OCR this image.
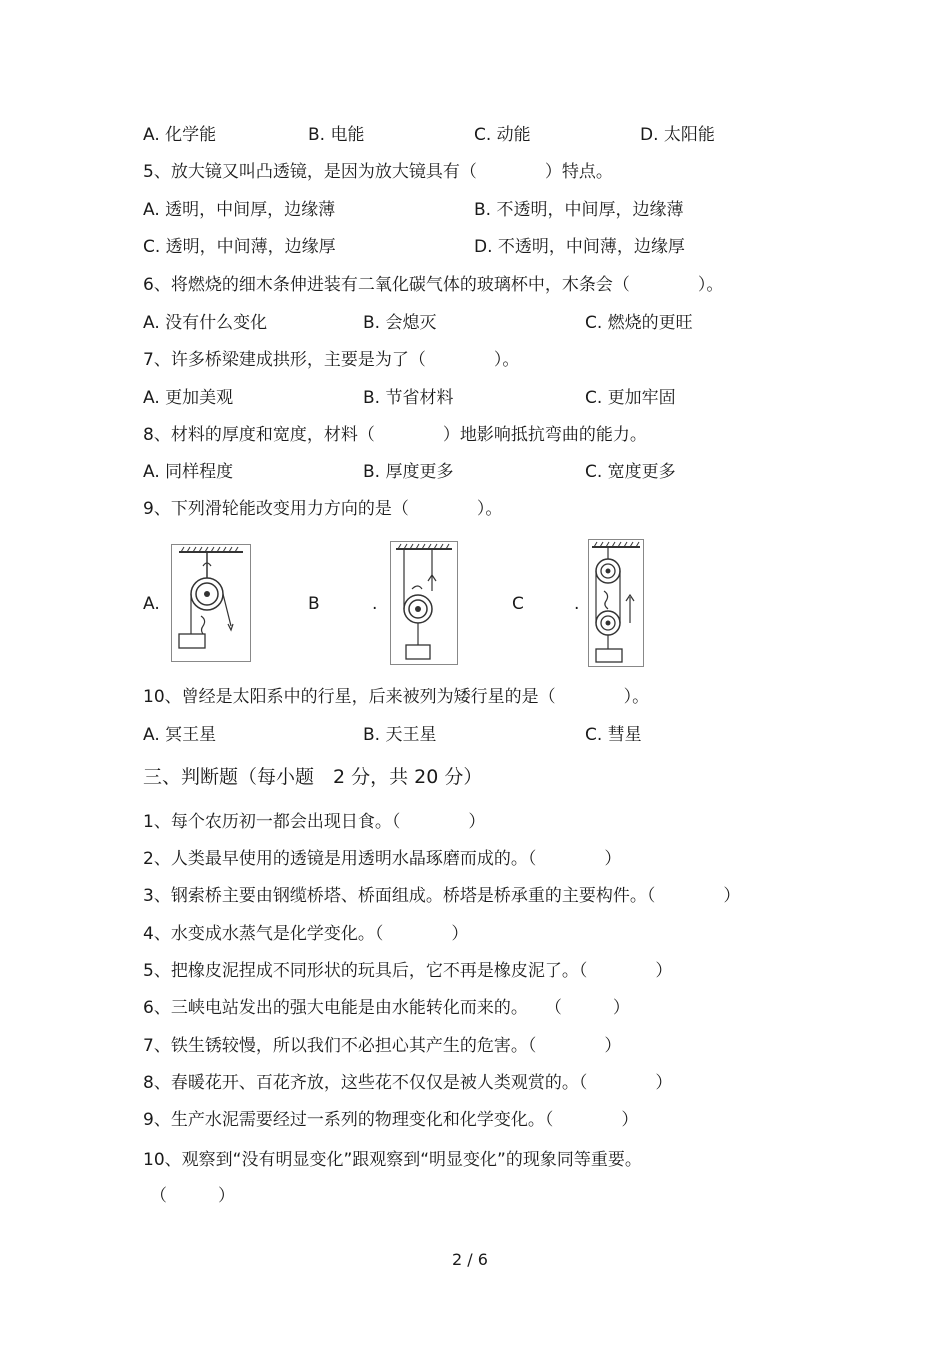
A. 化学能	B. 电能	C. 动能	D. 太阳能
5、放大镜又叫凸透镜，是因为放大镜具有（　　　　）特点。
A. 透明，中间厚，边缘薄	B. 不透明，中间厚，边缘薄
C. 透明，中间薄，边缘厚	D. 不透明，中间薄，边缘厚
6、将燃烧的细木条伸进装有二氧化碳气体的玻璃杯中，木条会（　　　　）。
A. 没有什么变化	B. 会熄灭	C. 燃烧的更旺
7、许多桥梁建成拱形，主要是为了（　　　　）。
A. 更加美观	B. 节省材料	C. 更加牢固
8、材料的厚度和宽度，材料（　　　　）地影响抵抗弯曲的能力。
A. 同样程度	B. 厚度更多	C. 宽度更多
9、下列滑轮能改变用力方向的是（　　　　）。
A.	B	.	C	.
10、曾经是太阳系中的行星，后来被列为矮行星的是（　　　　）。
A. 冥王星	B. 天王星	C. 彗星
三、判断题（每小题　2 分，共 20 分）
1、每个农历初一都会出现日食。（　　　　）
2、人类最早使用的透镜是用透明水晶琢磨而成的。（　　　　）
3、钢索桥主要由钢缆桥塔、桥面组成。桥塔是桥承重的主要构件。（　　　　）
4、水变成水蒸气是化学变化。（　　　　）
5、把橡皮泥捏成不同形状的玩具后，它不再是橡皮泥了。（　　　　）
6、三峡电站发出的强大电能是由水能转化而来的。　　（　　　）
7、铁生锈较慢，所以我们不必担心其产生的危害。（　　　　）
8、春暖花开、百花齐放，这些花不仅仅是被人类观赏的。（　　　　）
9、生产水泥需要经过一系列的物理变化和化学变化。（　　　　）
10、观察到“没有明显变化”跟观察到“明显变化”的现象同等重要。
（　　　）
2 / 6
